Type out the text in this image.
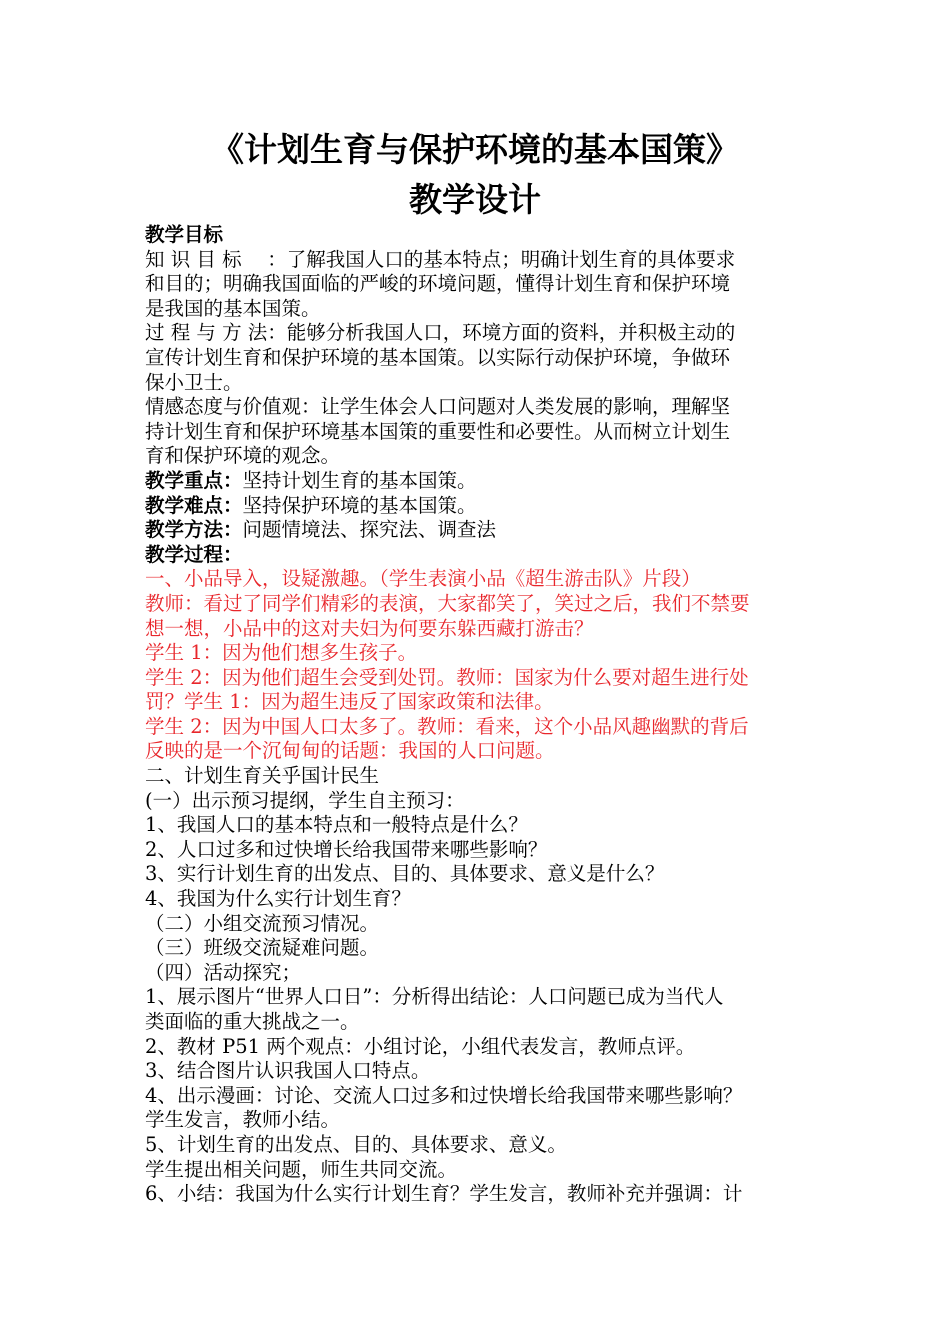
《计划生育与保护环境的基本国策》
教学设计

教学目标

知 识 目 标　 ：了解我国人口的基本特点；明确计划生育的具体要求

和目的；明确我国面临的严峻的环境问题，懂得计划生育和保护环境

是我国的基本国策。

过 程 与 方 法：能够分析我国人口，环境方面的资料，并积极主动的

宣传计划生育和保护环境的基本国策。以实际行动保护环境，争做环

保小卫士。

情感态度与价值观：让学生体会人口问题对人类发展的影响，理解坚

持计划生育和保护环境基本国策的重要性和必要性。从而树立计划生

育和保护环境的观念。

教学重点：坚持计划生育的基本国策。

教学难点：坚持保护环境的基本国策。

教学方法：问题情境法、探究法、调查法

教学过程：

一、小品导入，设疑激趣。（学生表演小品《超生游击队》片段）

教师：看过了同学们精彩的表演，大家都笑了，笑过之后，我们不禁要

想一想，小品中的这对夫妇为何要东躲西藏打游击？

学生 1：因为他们想多生孩子。

学生 2：因为他们超生会受到处罚。教师：国家为什么要对超生进行处

罚？学生 1：因为超生违反了国家政策和法律。

学生 2：因为中国人口太多了。教师：看来，这个小品风趣幽默的背后

反映的是一个沉甸甸的话题：我国的人口问题。

二、计划生育关乎国计民生

(一）出示预习提纲，学生自主预习：

1、我国人口的基本特点和一般特点是什么？

2、人口过多和过快增长给我国带来哪些影响？

3、实行计划生育的出发点、目的、具体要求、意义是什么？

4、我国为什么实行计划生育？

（二）小组交流预习情况。

（三）班级交流疑难问题。

（四）活动探究；

1、展示图片“世界人口日”：分析得出结论：人口问题已成为当代人

类面临的重大挑战之一。

2、教材 P51 两个观点：小组讨论，小组代表发言，教师点评。

3、结合图片认识我国人口特点。

4、出示漫画：讨论、交流人口过多和过快增长给我国带来哪些影响？

学生发言，教师小结。

5、计划生育的出发点、目的、具体要求、意义。

学生提出相关问题，师生共同交流。

6、小结：我国为什么实行计划生育？学生发言，教师补充并强调：计
